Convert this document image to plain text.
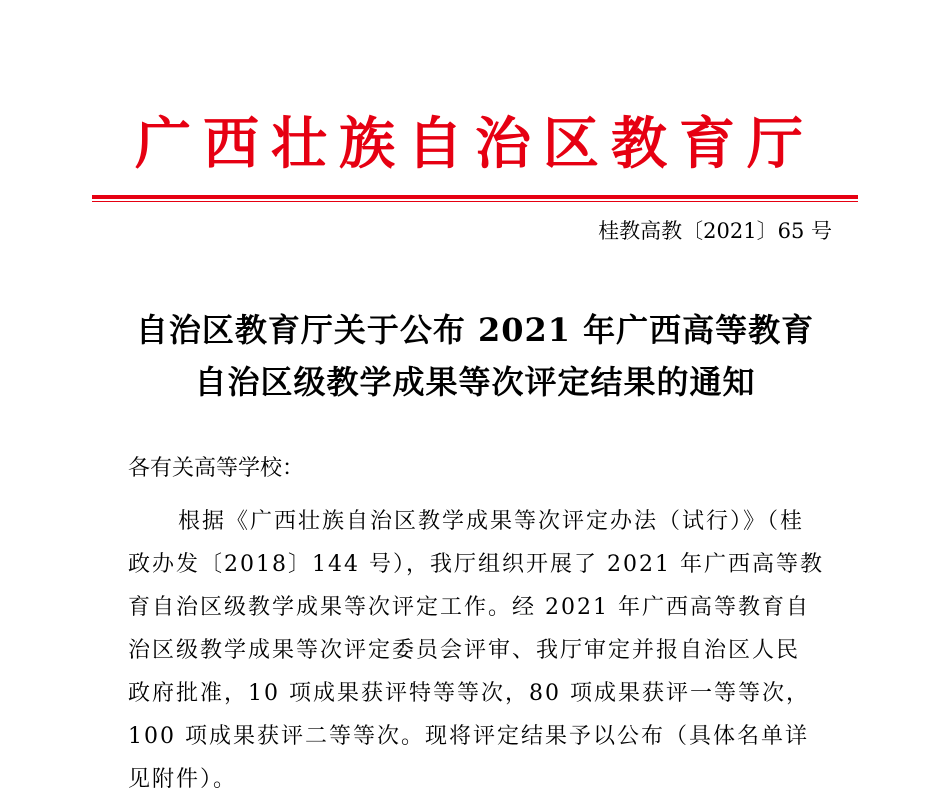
广西壮族自治区教育厅
桂教高教〔2021〕65 号
自治区教育厅关于公布 2021 年广西高等教育
自治区级教学成果等次评定结果的通知
各有关高等学校：
根据《广西壮族自治区教学成果等次评定办法（试行）》（桂
政办发〔2018〕144 号），我厅组织开展了 2021 年广西高等教
育自治区级教学成果等次评定工作。经 2021 年广西高等教育自
治区级教学成果等次评定委员会评审、我厅审定并报自治区人民
政府批准，10 项成果获评特等等次，80 项成果获评一等等次，
100 项成果获评二等等次。现将评定结果予以公布（具体名单详
见附件）。
